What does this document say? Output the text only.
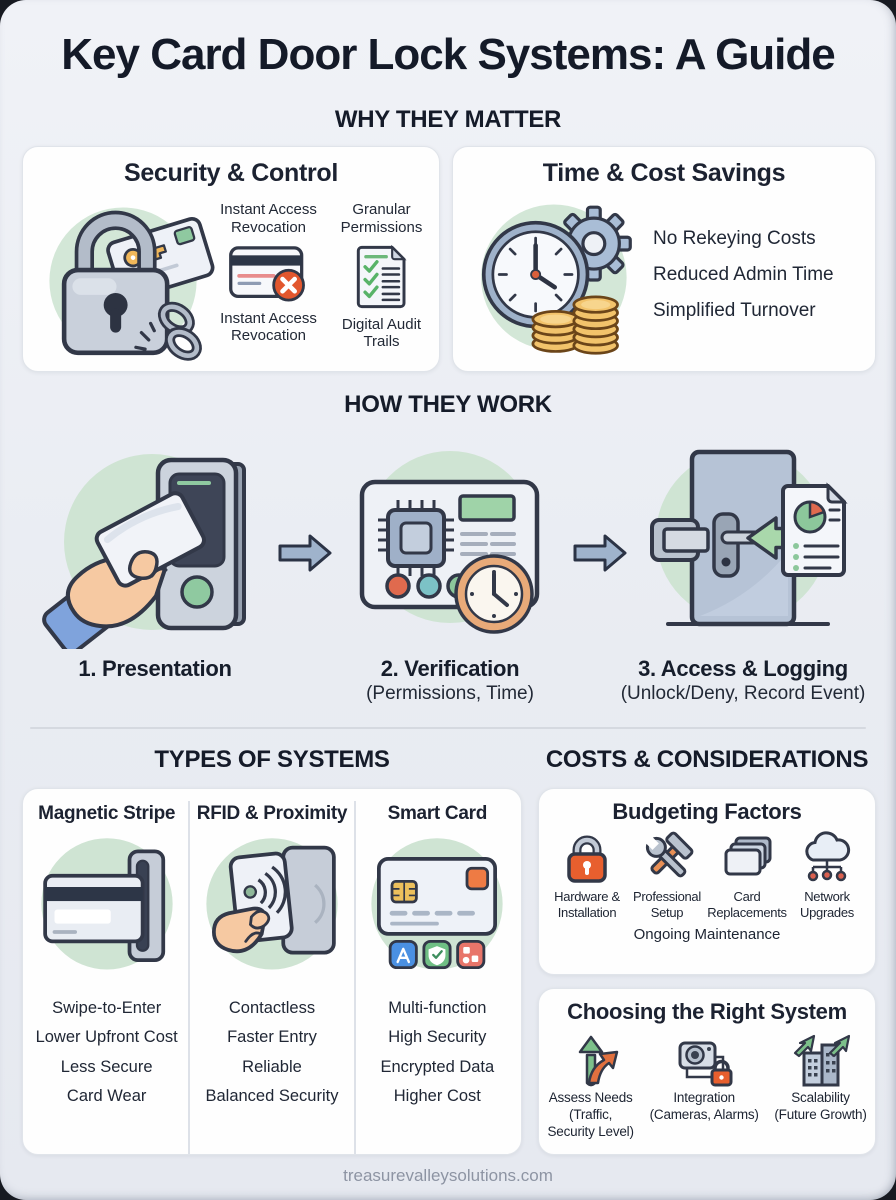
Key Card Door Lock Systems: A Guide
WHY THEY MATTER
Security & Control
Instant Access Revocation
Instant Access Revocation
Granular Permissions
Digital Audit Trails
Time & Cost Savings
No Rekeying Costs
Reduced Admin Time
Simplified Turnover
HOW THEY WORK
1. Presentation	2. Verification
(Permissions, Time)
3. Access & Logging
(Unlock/Deny, Record Event)
TYPES OF SYSTEMS	COSTS & CONSIDERATIONS
Magnetic Stripe
Swipe-to-Enter
Lower Upfront Cost
Less Secure
Card Wear
RFID & Proximity
Contactless
Faster Entry
Reliable
Balanced Security
Smart Card
Multi-function
High Security
Encrypted Data
Higher Cost
Budgeting Factors
Hardware & Installation
Professional Setup
Card Replacements
Network Upgrades
Ongoing Maintenance
Choosing the Right System
Assess Needs
(Traffic, Security Level)
Integration
(Cameras, Alarms)
Scalability
(Future Growth)
treasurevalleysolutions.com
